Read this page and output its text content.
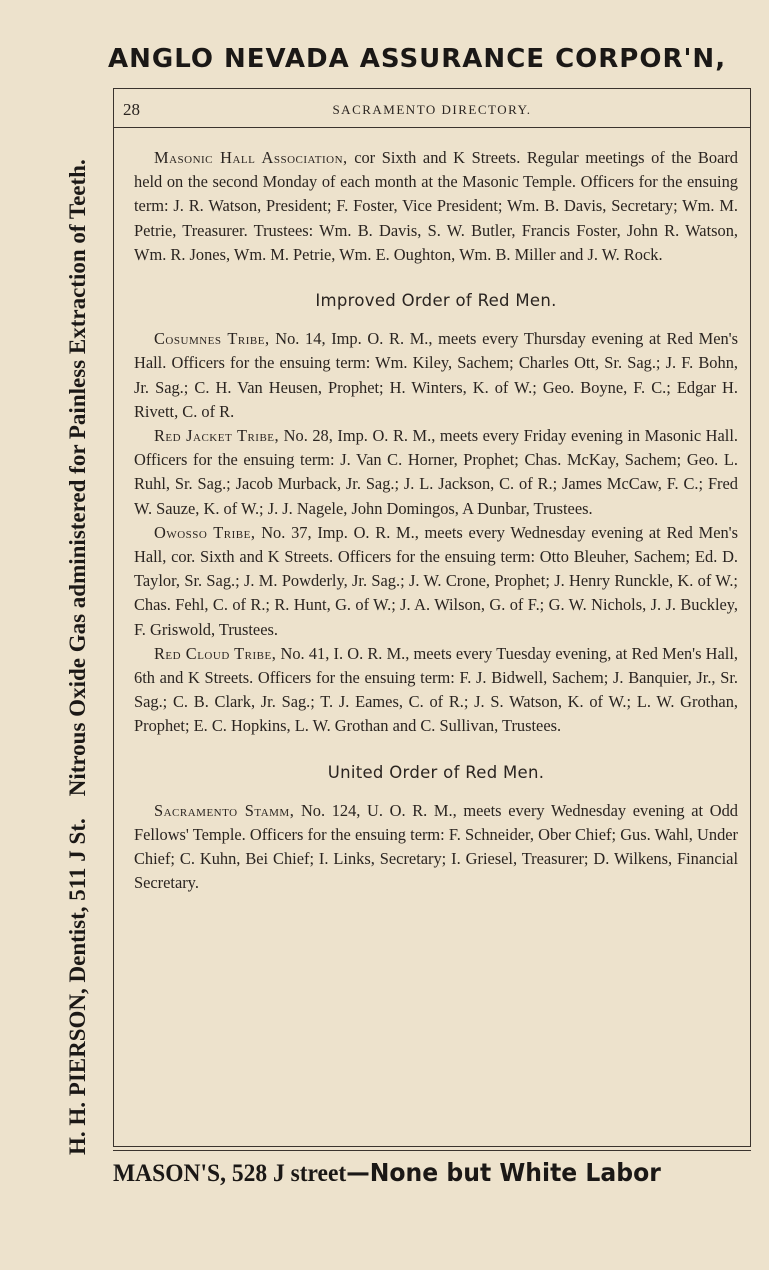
ANGLO NEVADA ASSURANCE CORPOR'N,
H. H. PIERSON, Dentist, 511 J St.
Nitrous Oxide Gas administered for Painless Extraction of Teeth.
28	SACRAMENTO DIRECTORY.

Masonic Hall Association, cor Sixth and K Streets. Regular meetings of the Board held on the second Monday of each month at the Masonic Temple. Officers for the ensuing term: J. R. Watson, President; F. Foster, Vice President; Wm. B. Davis, Secretary; Wm. M. Petrie, Treasurer. Trustees: Wm. B. Davis, S. W. Butler, Francis Foster, John R. Watson, Wm. R. Jones, Wm. M. Petrie, Wm. E. Oughton, Wm. B. Miller and J. W. Rock.

Improved Order of Red Men.

Cosumnes Tribe, No. 14, Imp. O. R. M., meets every Thursday evening at Red Men's Hall. Officers for the ensuing term: Wm. Kiley, Sachem; Charles Ott, Sr. Sag.; J. F. Bohn, Jr. Sag.; C. H. Van Heusen, Prophet; H. Winters, K. of W.; Geo. Boyne, F. C.; Edgar H. Rivett, C. of R.

Red Jacket Tribe, No. 28, Imp. O. R. M., meets every Friday evening in Masonic Hall. Officers for the ensuing term: J. Van C. Horner, Prophet; Chas. McKay, Sachem; Geo. L. Ruhl, Sr. Sag.; Jacob Murback, Jr. Sag.; J. L. Jackson, C. of R.; James McCaw, F. C.; Fred W. Sauze, K. of W.; J. J. Nagele, John Domingos, A Dunbar, Trustees.

Owosso Tribe, No. 37, Imp. O. R. M., meets every Wednesday evening at Red Men's Hall, cor. Sixth and K Streets. Officers for the ensuing term: Otto Bleuher, Sachem; Ed. D. Taylor, Sr. Sag.; J. M. Powderly, Jr. Sag.; J. W. Crone, Prophet; J. Henry Runckle, K. of W.; Chas. Fehl, C. of R.; R. Hunt, G. of W.; J. A. Wilson, G. of F.; G. W. Nichols, J. J. Buckley, F. Griswold, Trustees.

Red Cloud Tribe, No. 41, I. O. R. M., meets every Tuesday evening, at Red Men's Hall, 6th and K Streets. Officers for the ensuing term: F. J. Bidwell, Sachem; J. Banquier, Jr., Sr. Sag.; C. B. Clark, Jr. Sag.; T. J. Eames, C. of R.; J. S. Watson, K. of W.; L. W. Grothan, Prophet; E. C. Hopkins, L. W. Grothan and C. Sullivan, Trustees.

United Order of Red Men.

Sacramento Stamm, No. 124, U. O. R. M., meets every Wednesday evening at Odd Fellows' Temple. Officers for the ensuing term: F. Schneider, Ober Chief; Gus. Wahl, Under Chief; C. Kuhn, Bei Chief; I. Links, Secretary; I. Griesel, Treasurer; D. Wilkens, Financial Secretary.

MASON'S, 528 J street—None but White Labor
